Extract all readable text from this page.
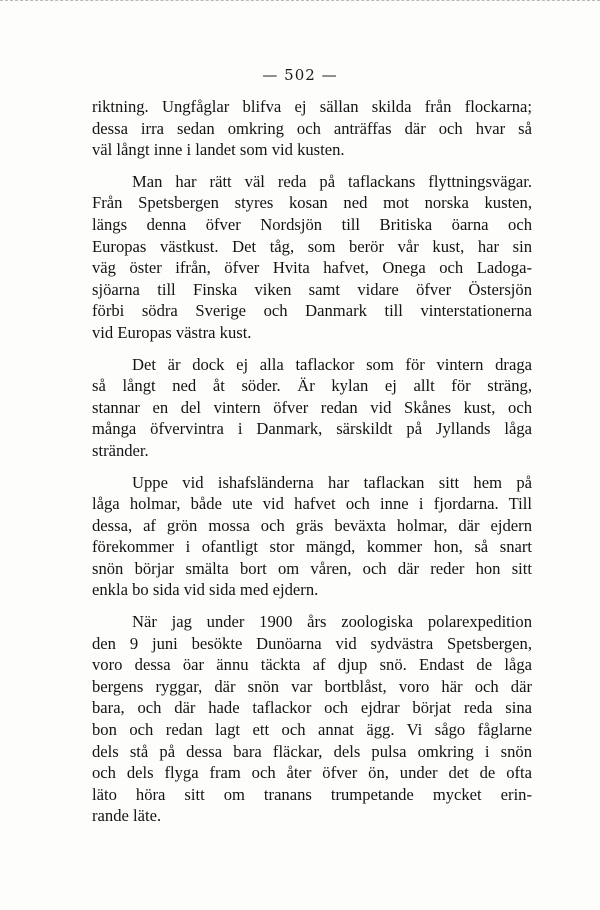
— 502 —

riktning. Ungfåglar blifva ej sällan skilda från flockarna;
dessa irra sedan omkring och anträffas där och hvar så
väl långt inne i landet som vid kusten.

Man har rätt väl reda på taflackans flyttningsvägar.
Från Spetsbergen styres kosan ned mot norska kusten,
längs denna öfver Nordsjön till Britiska öarna och
Europas västkust. Det tåg, som berör vår kust, har sin
väg öster ifrån, öfver Hvita hafvet, Onega och Ladoga-
sjöarna till Finska viken samt vidare öfver Östersjön
förbi södra Sverige och Danmark till vinterstationerna
vid Europas västra kust.

Det är dock ej alla taflackor som för vintern draga
så långt ned åt söder. Är kylan ej allt för sträng,
stannar en del vintern öfver redan vid Skånes kust, och
många öfvervintra i Danmark, särskildt på Jyllands låga
stränder.

Uppe vid ishafsländerna har taflackan sitt hem på
låga holmar, både ute vid hafvet och inne i fjordarna. Till
dessa, af grön mossa och gräs beväxta holmar, där ejdern
förekommer i ofantligt stor mängd, kommer hon, så snart
snön börjar smälta bort om våren, och där reder hon sitt
enkla bo sida vid sida med ejdern.

När jag under 1900 års zoologiska polarexpedition
den 9 juni besökte Dunöarna vid sydvästra Spetsbergen,
voro dessa öar ännu täckta af djup snö. Endast de låga
bergens ryggar, där snön var bortblåst, voro här och där
bara, och där hade taflackor och ejdrar börjat reda sina
bon och redan lagt ett och annat ägg. Vi sågo fåglarne
dels stå på dessa bara fläckar, dels pulsa omkring i snön
och dels flyga fram och åter öfver ön, under det de ofta
läto höra sitt om tranans trumpetande mycket erin-
rande läte.
